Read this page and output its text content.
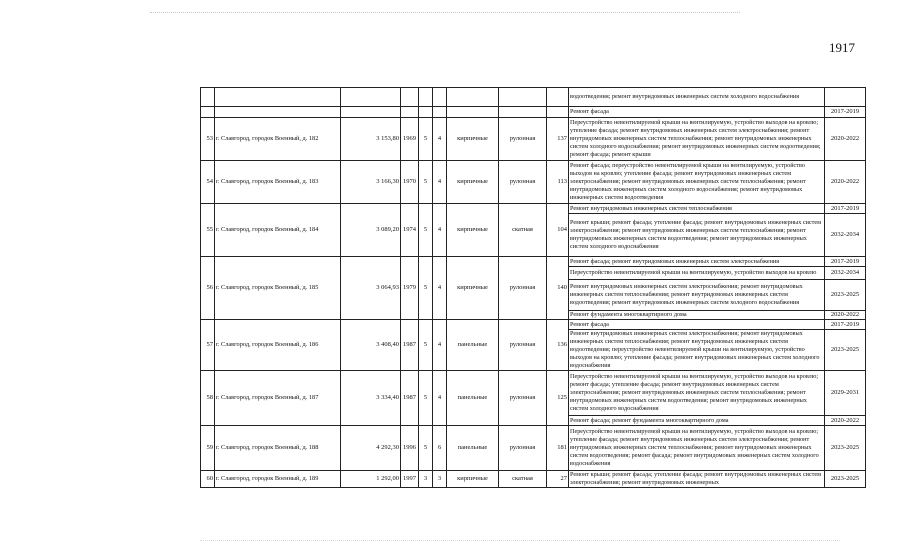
1917
									водоотведения; ремонт внутридомовых инженерных систем холодного водоснабжения	
									Ремонт фасада	2017-2019
53	г. Славгород, городок Военный, д. 182	3 153,80	1969	5	4	кирпичные	рулонная	137	Переустройство невентилируемой крыши на вентилируемую, устройство выходов на кровлю; утепление фасада; ремонт внутридомовых инженерных систем электроснабжения; ремонт внутридомовых инженерных систем теплоснабжения; ремонт внутридомовых инженерных систем холодного водоснабжения; ремонт внутридомовых инженерных систем водоотведения; ремонт фасада; ремонт крыши	2020-2022
54	г. Славгород, городок Военный, д. 183	3 166,30	1970	5	4	кирпичные	рулонная	113	Ремонт фасада; переустройство невентилируемой крыши на вентилируемую, устройство выходов на кровлю; утепление фасада; ремонт внутридомовых инженерных систем электроснабжения; ремонт внутридомовых инженерных систем теплоснабжения; ремонт внутридомовых инженерных систем холодного водоснабжения; ремонт внутридомовых инженерных систем водоотведения	2020-2022
55	г. Славгород, городок Военный, д. 184	3 089,20	1974	5	4	кирпичные	скатная	104	Ремонт внутридомовых инженерных систем теплоснабжения	2017-2019
									Ремонт крыши; ремонт фасада; утепление фасада; ремонт внутридомовых инженерных систем электроснабжения; ремонт внутридомовых инженерных систем теплоснабжения; ремонт внутридомовых инженерных систем водоотведения; ремонт внутридомовых инженерных систем холодного водоснабжения	2032-2034
56	г. Славгород, городок Военный, д. 185	3 064,93	1979	5	4	кирпичные	рулонная	140	Ремонт фасада; ремонт внутридомовых инженерных систем электроснабжения	2017-2019
									Переустройство невентилируемой крыши на вентилируемую, устройство выходов на кровлю	2032-2034
									Ремонт внутридомовых инженерных систем электроснабжения; ремонт внутридомовых инженерных систем теплоснабжения; ремонт внутридомовых инженерных систем водоотведения; ремонт внутридомовых инженерных систем холодного водоснабжения	2023-2025
									Ремонт фундамента многоквартирного дома	2020-2022
57	г. Славгород, городок Военный, д. 186	3 408,40	1987	5	4	панельные	рулонная	136	Ремонт фасада	2017-2019
									Ремонт внутридомовых инженерных систем электроснабжения; ремонт внутридомовых инженерных систем теплоснабжения; ремонт внутридомовых инженерных систем водоотведения; переустройство невентилируемой крыши на вентилируемую, устройство выходов на кровлю; утепление фасада; ремонт внутридомовых инженерных систем холодного водоснабжения	2023-2025
58	г. Славгород, городок Военный, д. 187	3 334,40	1987	5	4	панельные	рулонная	125	Переустройство невентилируемой крыши на вентилируемую, устройство выходов на кровлю; ремонт фасада; утепление фасада; ремонт внутридомовых инженерных систем электроснабжения; ремонт внутридомовых инженерных систем теплоснабжения; ремонт внутридомовых инженерных систем водоотведения; ремонт внутридомовых инженерных систем холодного водоснабжения	2029-2031
									Ремонт фасада; ремонт фундамента многоквартирного дома	2020-2022
59	г. Славгород, городок Военный, д. 188	4 292,30	1996	5	6	панельные	рулонная	181	Переустройство невентилируемой крыши на вентилируемую, устройство выходов на кровлю; утепление фасада; ремонт внутридомовых инженерных систем электроснабжения; ремонт внутридомовых инженерных систем теплоснабжения; ремонт внутридомовых инженерных систем водоотведения; ремонт фасада; ремонт внутридомовых инженерных систем холодного водоснабжения	2023-2025
60	г. Славгород, городок Военный, д. 189	1 292,00	1997	3	3	кирпичные	скатная	27	Ремонт крыши; ремонт фасада; утепление фасада; ремонт внутридомовых инженерных систем электроснабжения; ремонт внутридомовых инженерных	2023-2025
